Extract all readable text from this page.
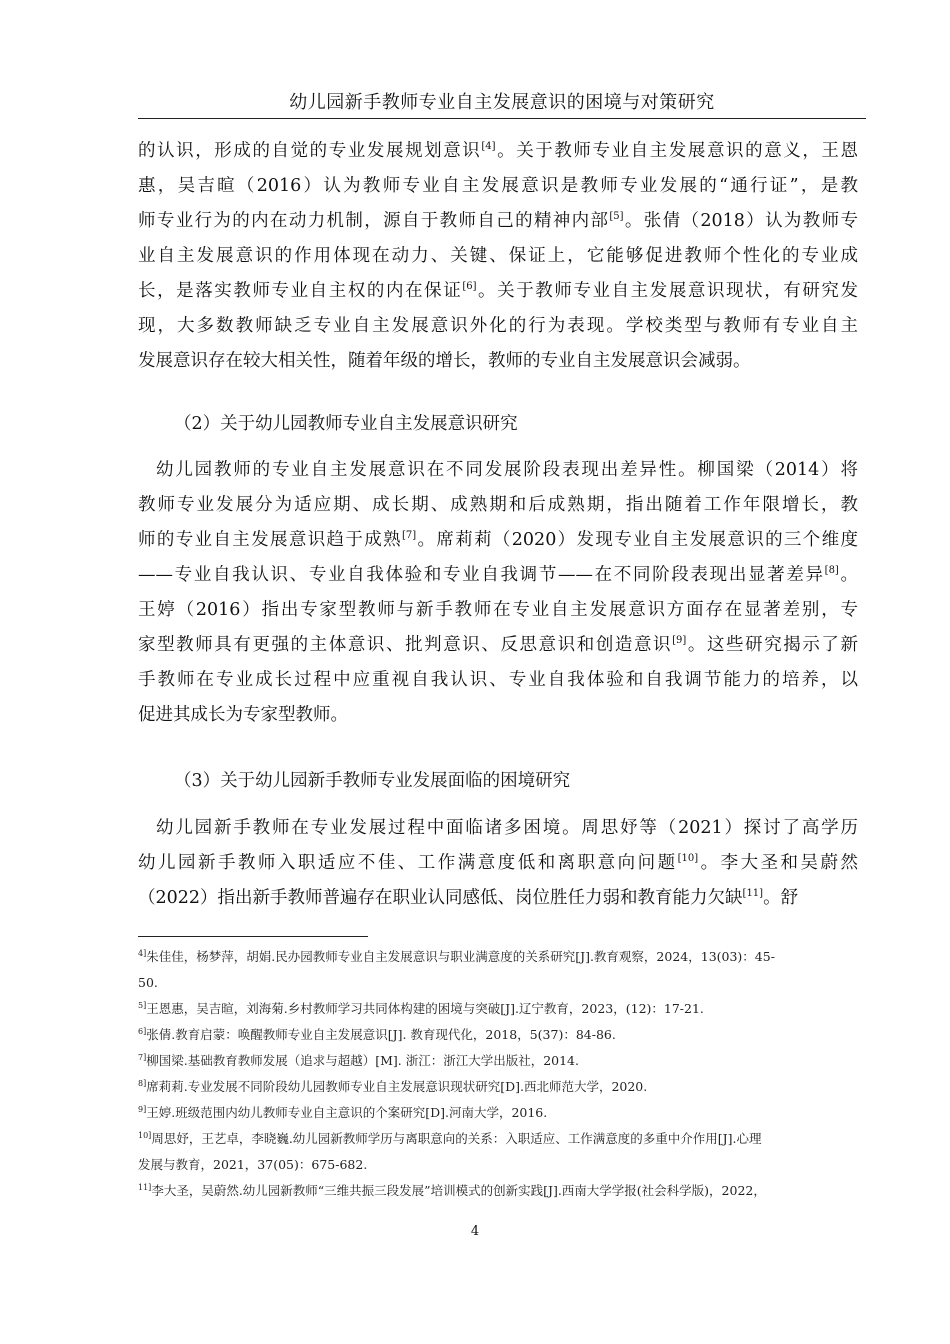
幼儿园新手教师专业自主发展意识的困境与对策研究
的认识，形成的自觉的专业发展规划意识[4]。关于教师专业自主发展意识的意义，王恩
惠，吴吉暄（2016）认为教师专业自主发展意识是教师专业发展的“通行证”，是教
师专业行为的内在动力机制，源自于教师自己的精神内部[5]。张倩（2018）认为教师专
业自主发展意识的作用体现在动力、关键、保证上，它能够促进教师个性化的专业成
长，是落实教师专业自主权的内在保证[6]。关于教师专业自主发展意识现状，有研究发
现，大多数教师缺乏专业自主发展意识外化的行为表现。学校类型与教师有专业自主
发展意识存在较大相关性，随着年级的增长，教师的专业自主发展意识会减弱。
（2）关于幼儿园教师专业自主发展意识研究
幼儿园教师的专业自主发展意识在不同发展阶段表现出差异性。柳国梁（2014）将
教师专业发展分为适应期、成长期、成熟期和后成熟期，指出随着工作年限增长，教
师的专业自主发展意识趋于成熟[7]。席莉莉（2020）发现专业自主发展意识的三个维度
——专业自我认识、专业自我体验和专业自我调节——在不同阶段表现出显著差异[8]。
王婷（2016）指出专家型教师与新手教师在专业自主发展意识方面存在显著差别，专
家型教师具有更强的主体意识、批判意识、反思意识和创造意识[9]。这些研究揭示了新
手教师在专业成长过程中应重视自我认识、专业自我体验和自我调节能力的培养，以
促进其成长为专家型教师。
（3）关于幼儿园新手教师专业发展面临的困境研究
幼儿园新手教师在专业发展过程中面临诸多困境。周思妤等（2021）探讨了高学历
幼儿园新手教师入职适应不佳、工作满意度低和离职意向问题[10]。李大圣和吴蔚然
（2022）指出新手教师普遍存在职业认同感低、岗位胜任力弱和教育能力欠缺[11]。舒
$^{4]}$朱佳佳，杨梦萍，胡娟.民办园教师专业自主发展意识与职业满意度的关系研究[J].教育观察，2024，13(03)：45-
50.
$^{5]}$王恩惠，吴吉暄，刘海菊.乡村教师学习共同体构建的困境与突破[J].辽宁教育，2023，(12)：17-21.
$^{6]}$张倩.教育启蒙：唤醒教师专业自主发展意识[J]. 教育现代化，2018，5(37)：84-86.
$^{7]}$柳国梁.基础教育教师发展（追求与超越）[M]. 浙江：浙江大学出版社，2014.
$^{8]}$席莉莉.专业发展不同阶段幼儿园教师专业自主发展意识现状研究[D].西北师范大学，2020.
$^{9]}$王婷.班级范围内幼儿教师专业自主意识的个案研究[D].河南大学，2016.
$^{10]}$周思妤，王艺卓，李晓巍.幼儿园新教师学历与离职意向的关系：入职适应、工作满意度的多重中介作用[J].心理
发展与教育，2021，37(05)：675-682.
$^{11]}$李大圣，吴蔚然.幼儿园新教师“三维共振三段发展”培训模式的创新实践[J].西南大学学报(社会科学版)，2022，
4
